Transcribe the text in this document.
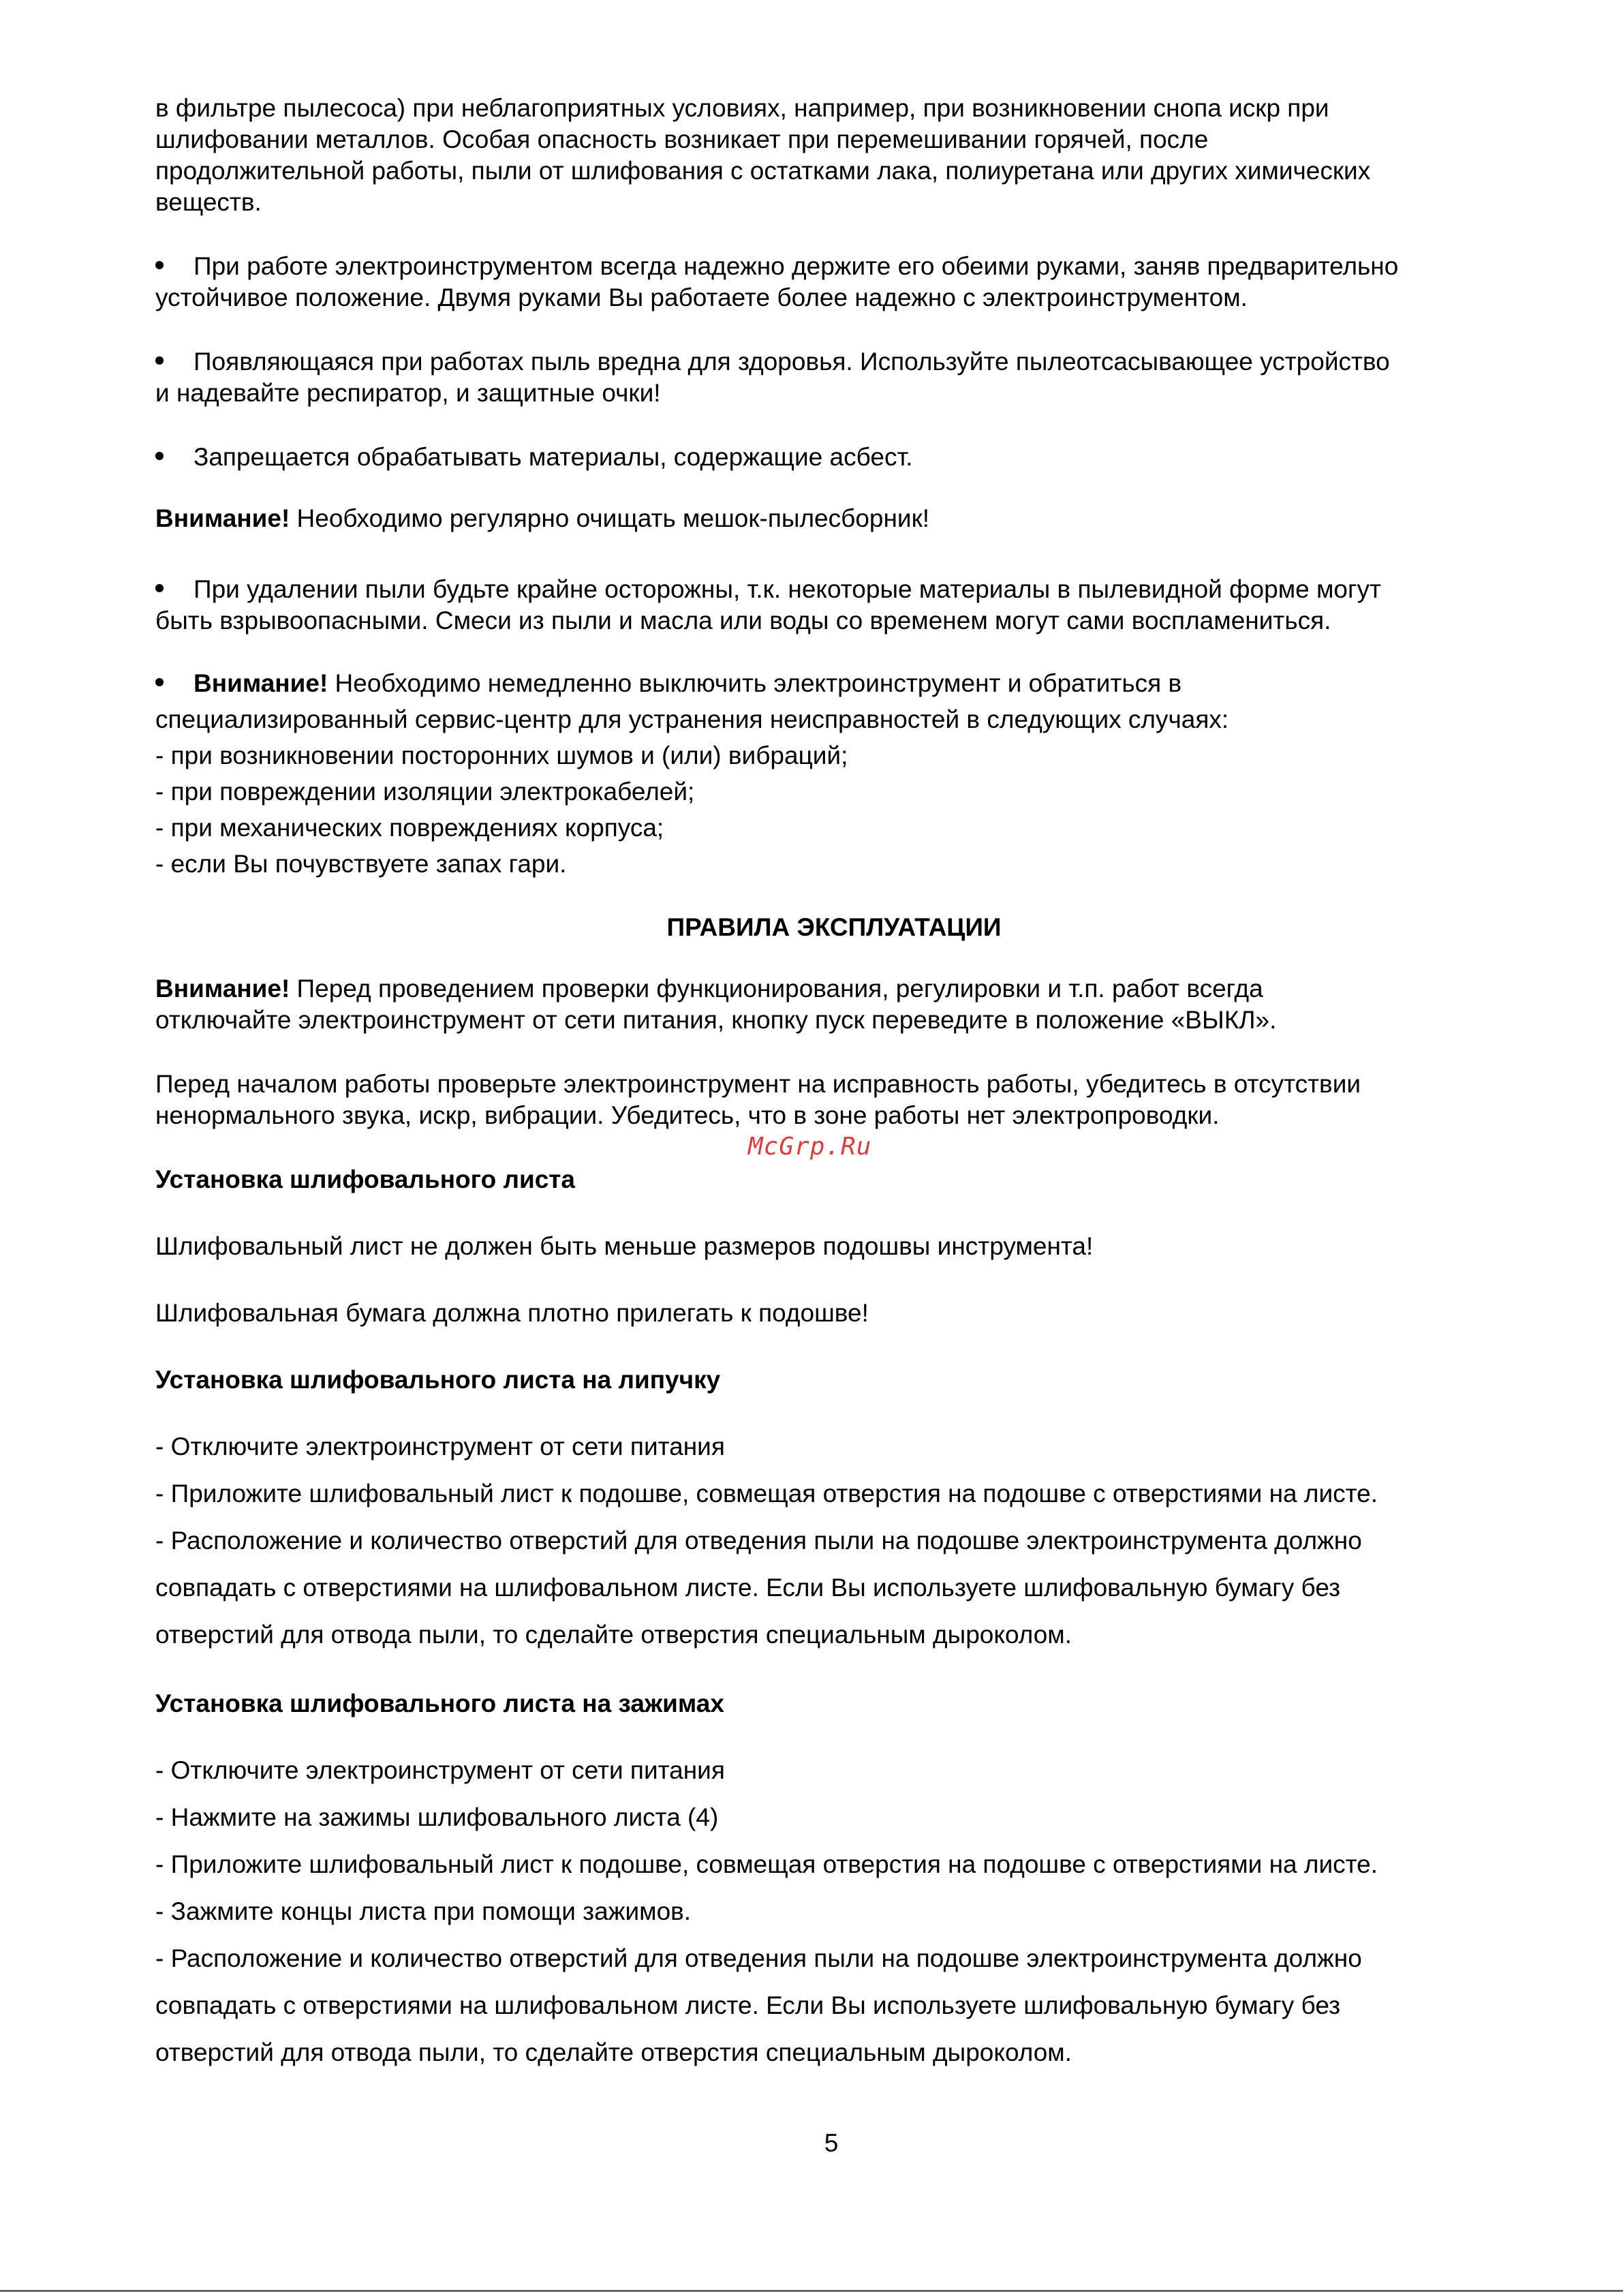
в фильтре пылесоса) при неблагоприятных условиях, например, при возникновении снопа искр при

шлифовании металлов. Особая опасность возникает при перемешивании горячей, после

продолжительной работы, пыли от шлифования с остатками лака, полиуретана или других химических

веществ.

При работе электроинструментом всегда надежно держите его обеими руками, заняв предварительно

устойчивое положение. Двумя руками Вы работаете более надежно с электроинструментом.

Появляющаяся при работах пыль вредна для здоровья. Используйте пылеотсасывающее устройство

и надевайте респиратор, и защитные очки!

Запрещается обрабатывать материалы, содержащие асбест.

Внимание! Необходимо регулярно очищать мешок-пылесборник!

При удалении пыли будьте крайне осторожны, т.к. некоторые материалы в пылевидной форме могут

быть взрывоопасными. Смеси из пыли и масла или воды со временем могут сами воспламениться.

Внимание! Необходимо немедленно выключить электроинструмент и обратиться в

специализированный сервис-центр для устранения неисправностей в следующих случаях:

- при возникновении посторонних шумов и (или) вибраций;

- при повреждении изоляции электрокабелей;

- при механических повреждениях корпуса;

- если Вы почувствуете запах гари.

ПРАВИЛА ЭКСПЛУАТАЦИИ

Внимание! Перед проведением проверки функционирования, регулировки и т.п. работ всегда

отключайте электроинструмент от сети питания, кнопку пуск переведите в положение «ВЫКЛ».

Перед началом работы проверьте электроинструмент на исправность работы, убедитесь в отсутствии

ненормального звука, искр, вибрации. Убедитесь, что в зоне работы нет электропроводки.

Установка шлифовального листа

Шлифовальный лист не должен быть меньше размеров подошвы инструмента!

Шлифовальная бумага должна плотно прилегать к подошве!

Установка шлифовального листа на липучку

- Отключите электроинструмент от сети питания

- Приложите шлифовальный лист к подошве, совмещая отверстия на подошве с отверстиями на листе.

- Расположение и количество отверстий для отведения пыли на подошве электроинструмента должно

совпадать с отверстиями на шлифовальном листе. Если Вы используете шлифовальную бумагу без

отверстий для отвода пыли, то сделайте отверстия специальным дыроколом.

Установка шлифовального листа на зажимах

- Отключите электроинструмент от сети питания

- Нажмите на зажимы шлифовального листа (4)

- Приложите шлифовальный лист к подошве, совмещая отверстия на подошве с отверстиями на листе.

- Зажмите концы листа при помощи зажимов.

- Расположение и количество отверстий для отведения пыли на подошве электроинструмента должно

совпадать с отверстиями на шлифовальном листе. Если Вы используете шлифовальную бумагу без

отверстий для отвода пыли, то сделайте отверстия специальным дыроколом.

McGrp.Ru
5
